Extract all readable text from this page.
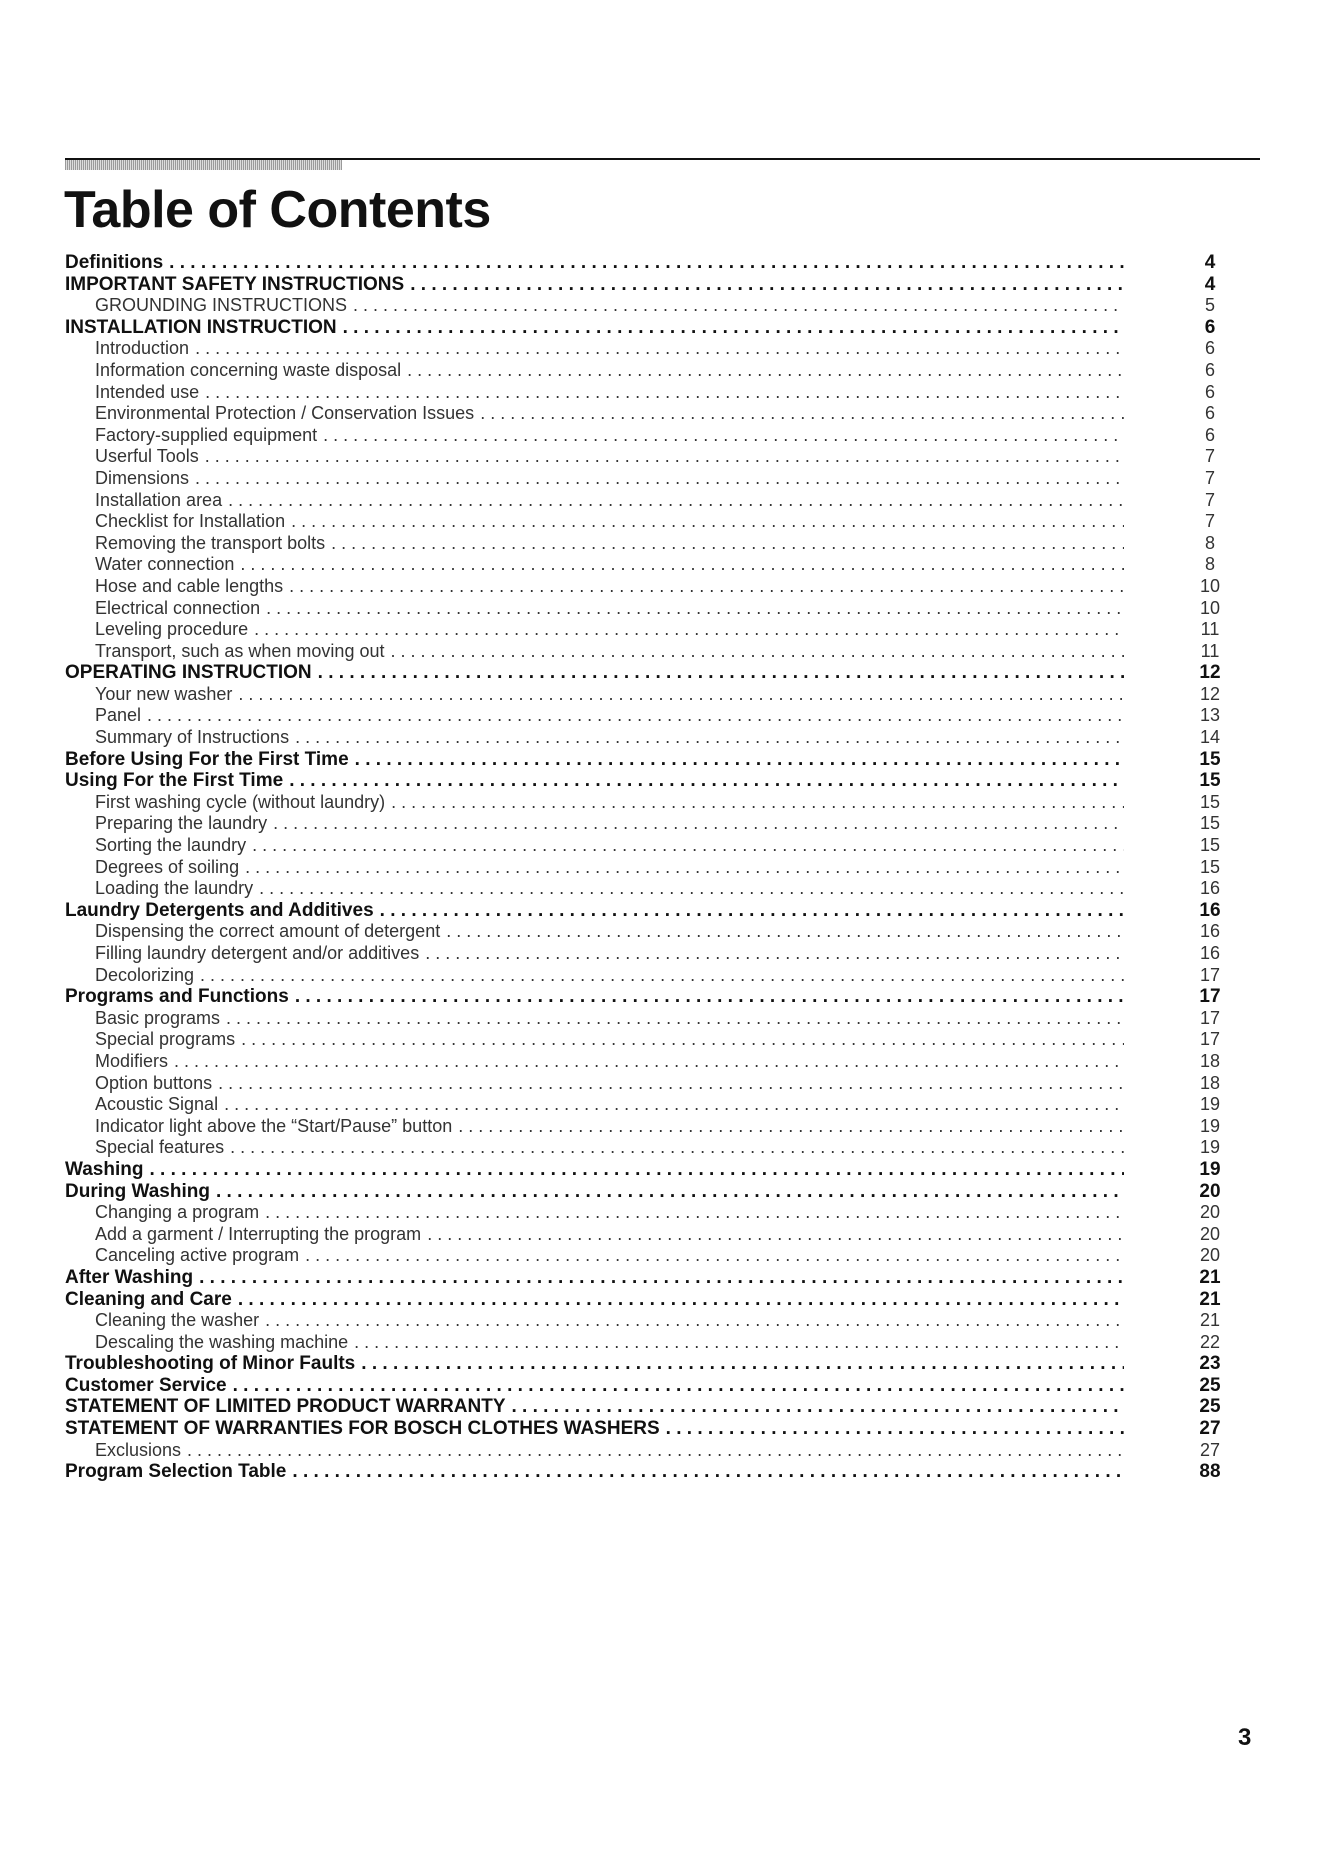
Table of Contents
Definitions . . .	4
IMPORTANT SAFETY INSTRUCTIONS . . .	4
GROUNDING INSTRUCTIONS . . .	5
INSTALLATION INSTRUCTION . . .	6
Introduction . . .	6
Information concerning waste disposal . . .	6
Intended use . . .	6
Environmental Protection / Conservation Issues . . .	6
Factory-supplied equipment . . .	6
Userful Tools . . .	7
Dimensions . . .	7
Installation area . . .	7
Checklist for Installation . . .	7
Removing the transport bolts . . .	8
Water connection . . .	8
Hose and cable lengths . . .	10
Electrical connection . . .	10
Leveling procedure . . .	11
Transport, such as when moving out . . .	11
OPERATING INSTRUCTION . . .	12
Your new washer . . .	12
Panel . . .	13
Summary of Instructions . . .	14
Before Using For the First Time . . .	15
Using For the First Time . . .	15
First washing cycle (without laundry) . . .	15
Preparing the laundry . . .	15
Sorting the laundry . . .	15
Degrees of soiling . . .	15
Loading the laundry . . .	16
Laundry Detergents and Additives . . .	16
Dispensing the correct amount of detergent . . .	16
Filling laundry detergent and/or additives . . .	16
Decolorizing . . .	17
Programs and Functions . . .	17
Basic programs . . .	17
Special programs . . .	17
Modifiers . . .	18
Option buttons . . .	18
Acoustic Signal . . .	19
Indicator light above the “Start/Pause” button . . .	19
Special features . . .	19
Washing . . .	19
During Washing . . .	20
Changing a program . . .	20
Add a garment / Interrupting the program . . .	20
Canceling active program . . .	20
After Washing . . .	21
Cleaning and Care . . .	21
Cleaning the washer . . .	21
Descaling the washing machine . . .	22
Troubleshooting of Minor Faults . . .	23
Customer Service . . .	25
STATEMENT OF LIMITED PRODUCT WARRANTY . . .	25
STATEMENT OF WARRANTIES FOR BOSCH CLOTHES WASHERS . . .	27
Exclusions . . .	27
Program Selection Table . . .	88
3
